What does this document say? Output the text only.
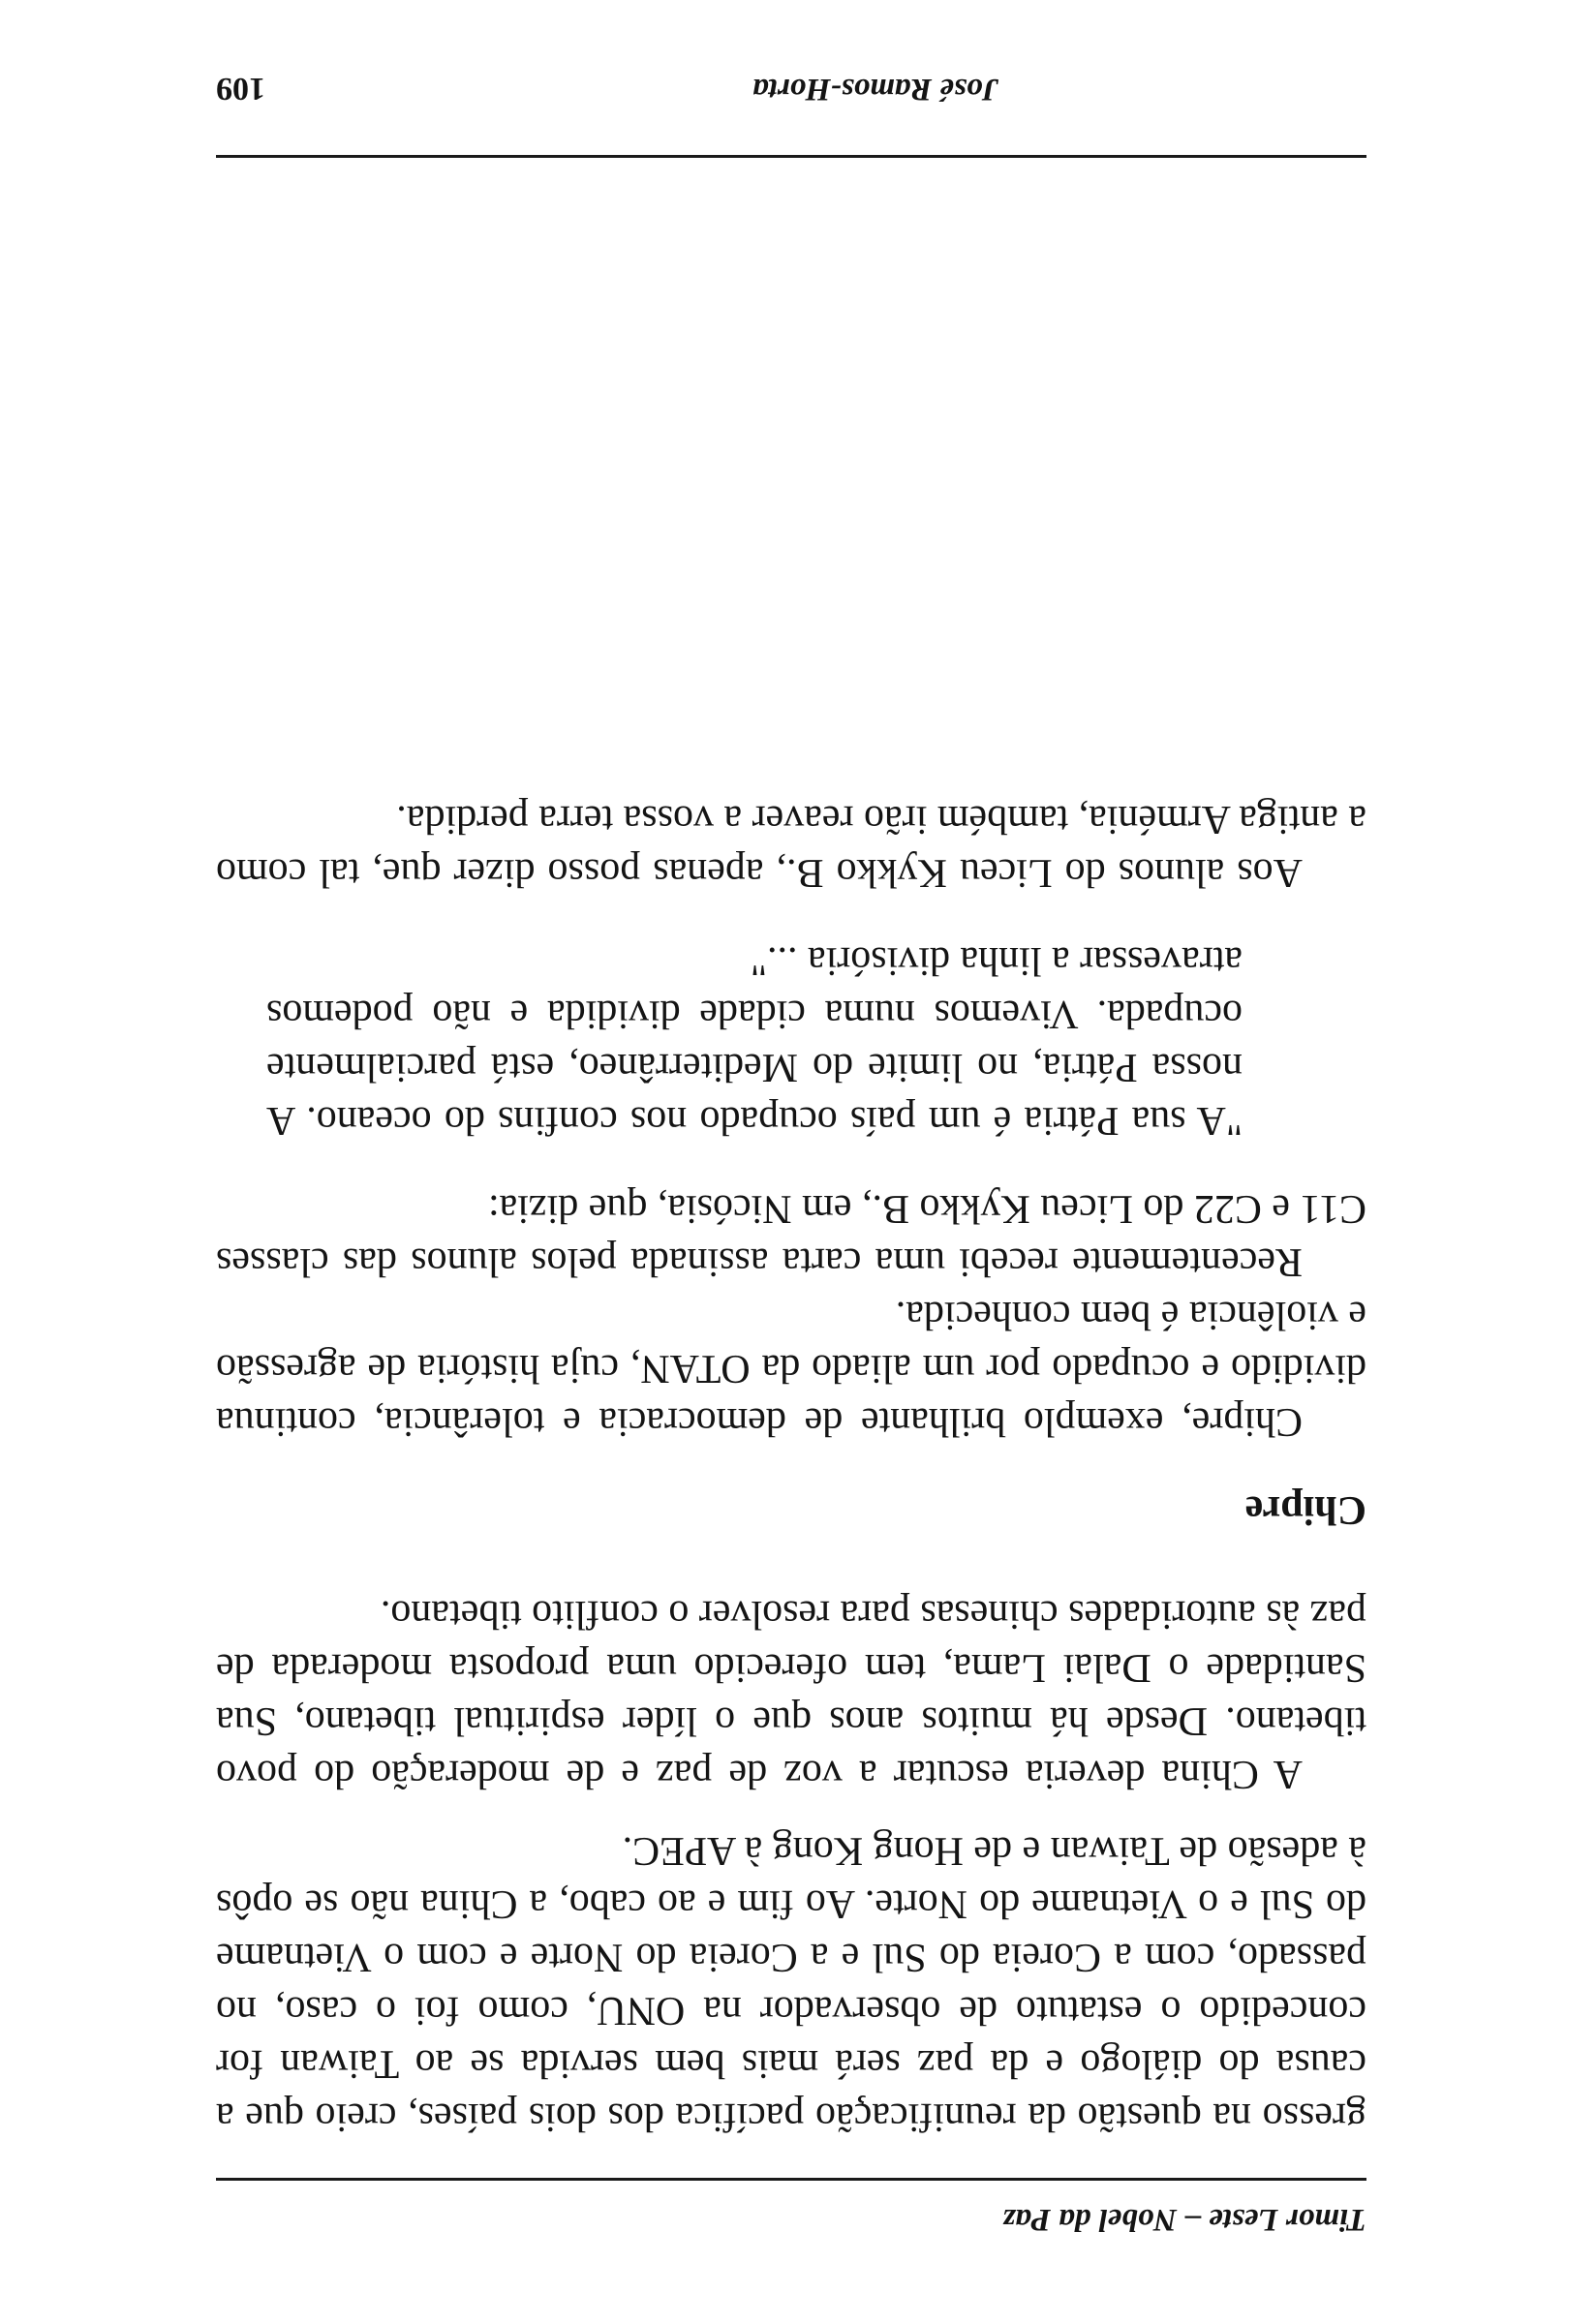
Timor Leste – Nobel da Paz

gresso na questão da reunificação pacífica dos dois países, creio que a causa do diálogo e da paz será mais bem servida se ao Taiwan for concedido o estatuto de observador na ONU, como foi o caso, no passado, com a Coreia do Sul e a Coreia do Norte e com o Vietname do Sul e o Vietname do Norte. Ao fim e ao cabo, a China não se opôs à adesão de Taiwan e de Hong Kong à APEC.

A China deveria escutar a voz de paz e de moderação do povo tibetano. Desde há muitos anos que o líder espiritual tibetano, Sua Santidade o Dalai Lama, tem oferecido uma proposta moderada de paz às autoridades chinesas para resolver o conflito tibetano.

Chipre

Chipre, exemplo brilhante de democracia e tolerância, continua dividido e ocupado por um aliado da OTAN, cuja história de agressão e violência é bem conhecida.

Recentemente recebi uma carta assinada pelos alunos das classes C11 e C22 do Liceu Kykko B., em Nicósia, que dizia:

"A sua Pátria é um país ocupado nos confins do oceano. A nossa Pátria, no limite do Mediterrâneo, está parcialmente ocupada. Vivemos numa cidade dividida e não podemos atravessar a linha divisória ..."

Aos alunos do Liceu Kykko B., apenas posso dizer que, tal como a antiga Arménia, também irão reaver a vossa terra perdida.

José Ramos-Horta
109
